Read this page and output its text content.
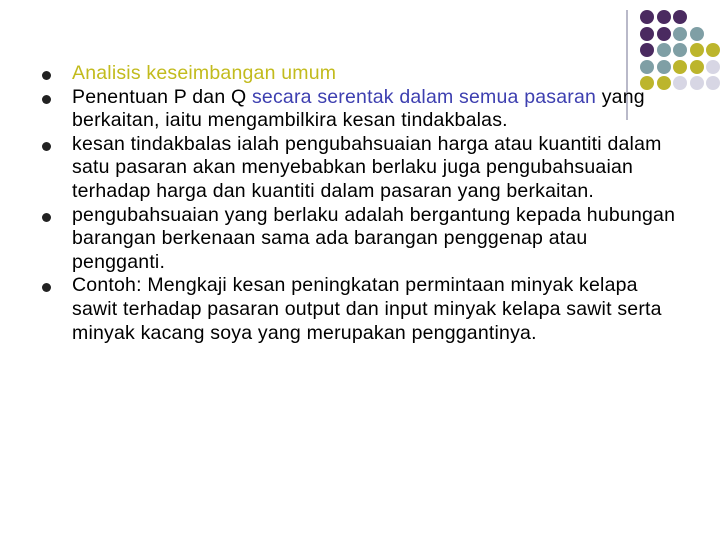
Analisis keseimbangan umum
Penentuan P dan Q secara serentak dalam semua pasaran yang berkaitan, iaitu mengambilkira kesan tindakbalas.
kesan tindakbalas ialah pengubahsuaian harga atau kuantiti dalam satu pasaran akan menyebabkan berlaku juga pengubahsuaian terhadap harga dan kuantiti dalam pasaran yang berkaitan.
pengubahsuaian yang berlaku adalah bergantung kepada hubungan barangan berkenaan sama ada barangan penggenap atau pengganti.
Contoh: Mengkaji kesan peningkatan permintaan minyak kelapa sawit terhadap pasaran output dan input minyak kelapa sawit serta minyak kacang soya yang merupakan penggantinya.
